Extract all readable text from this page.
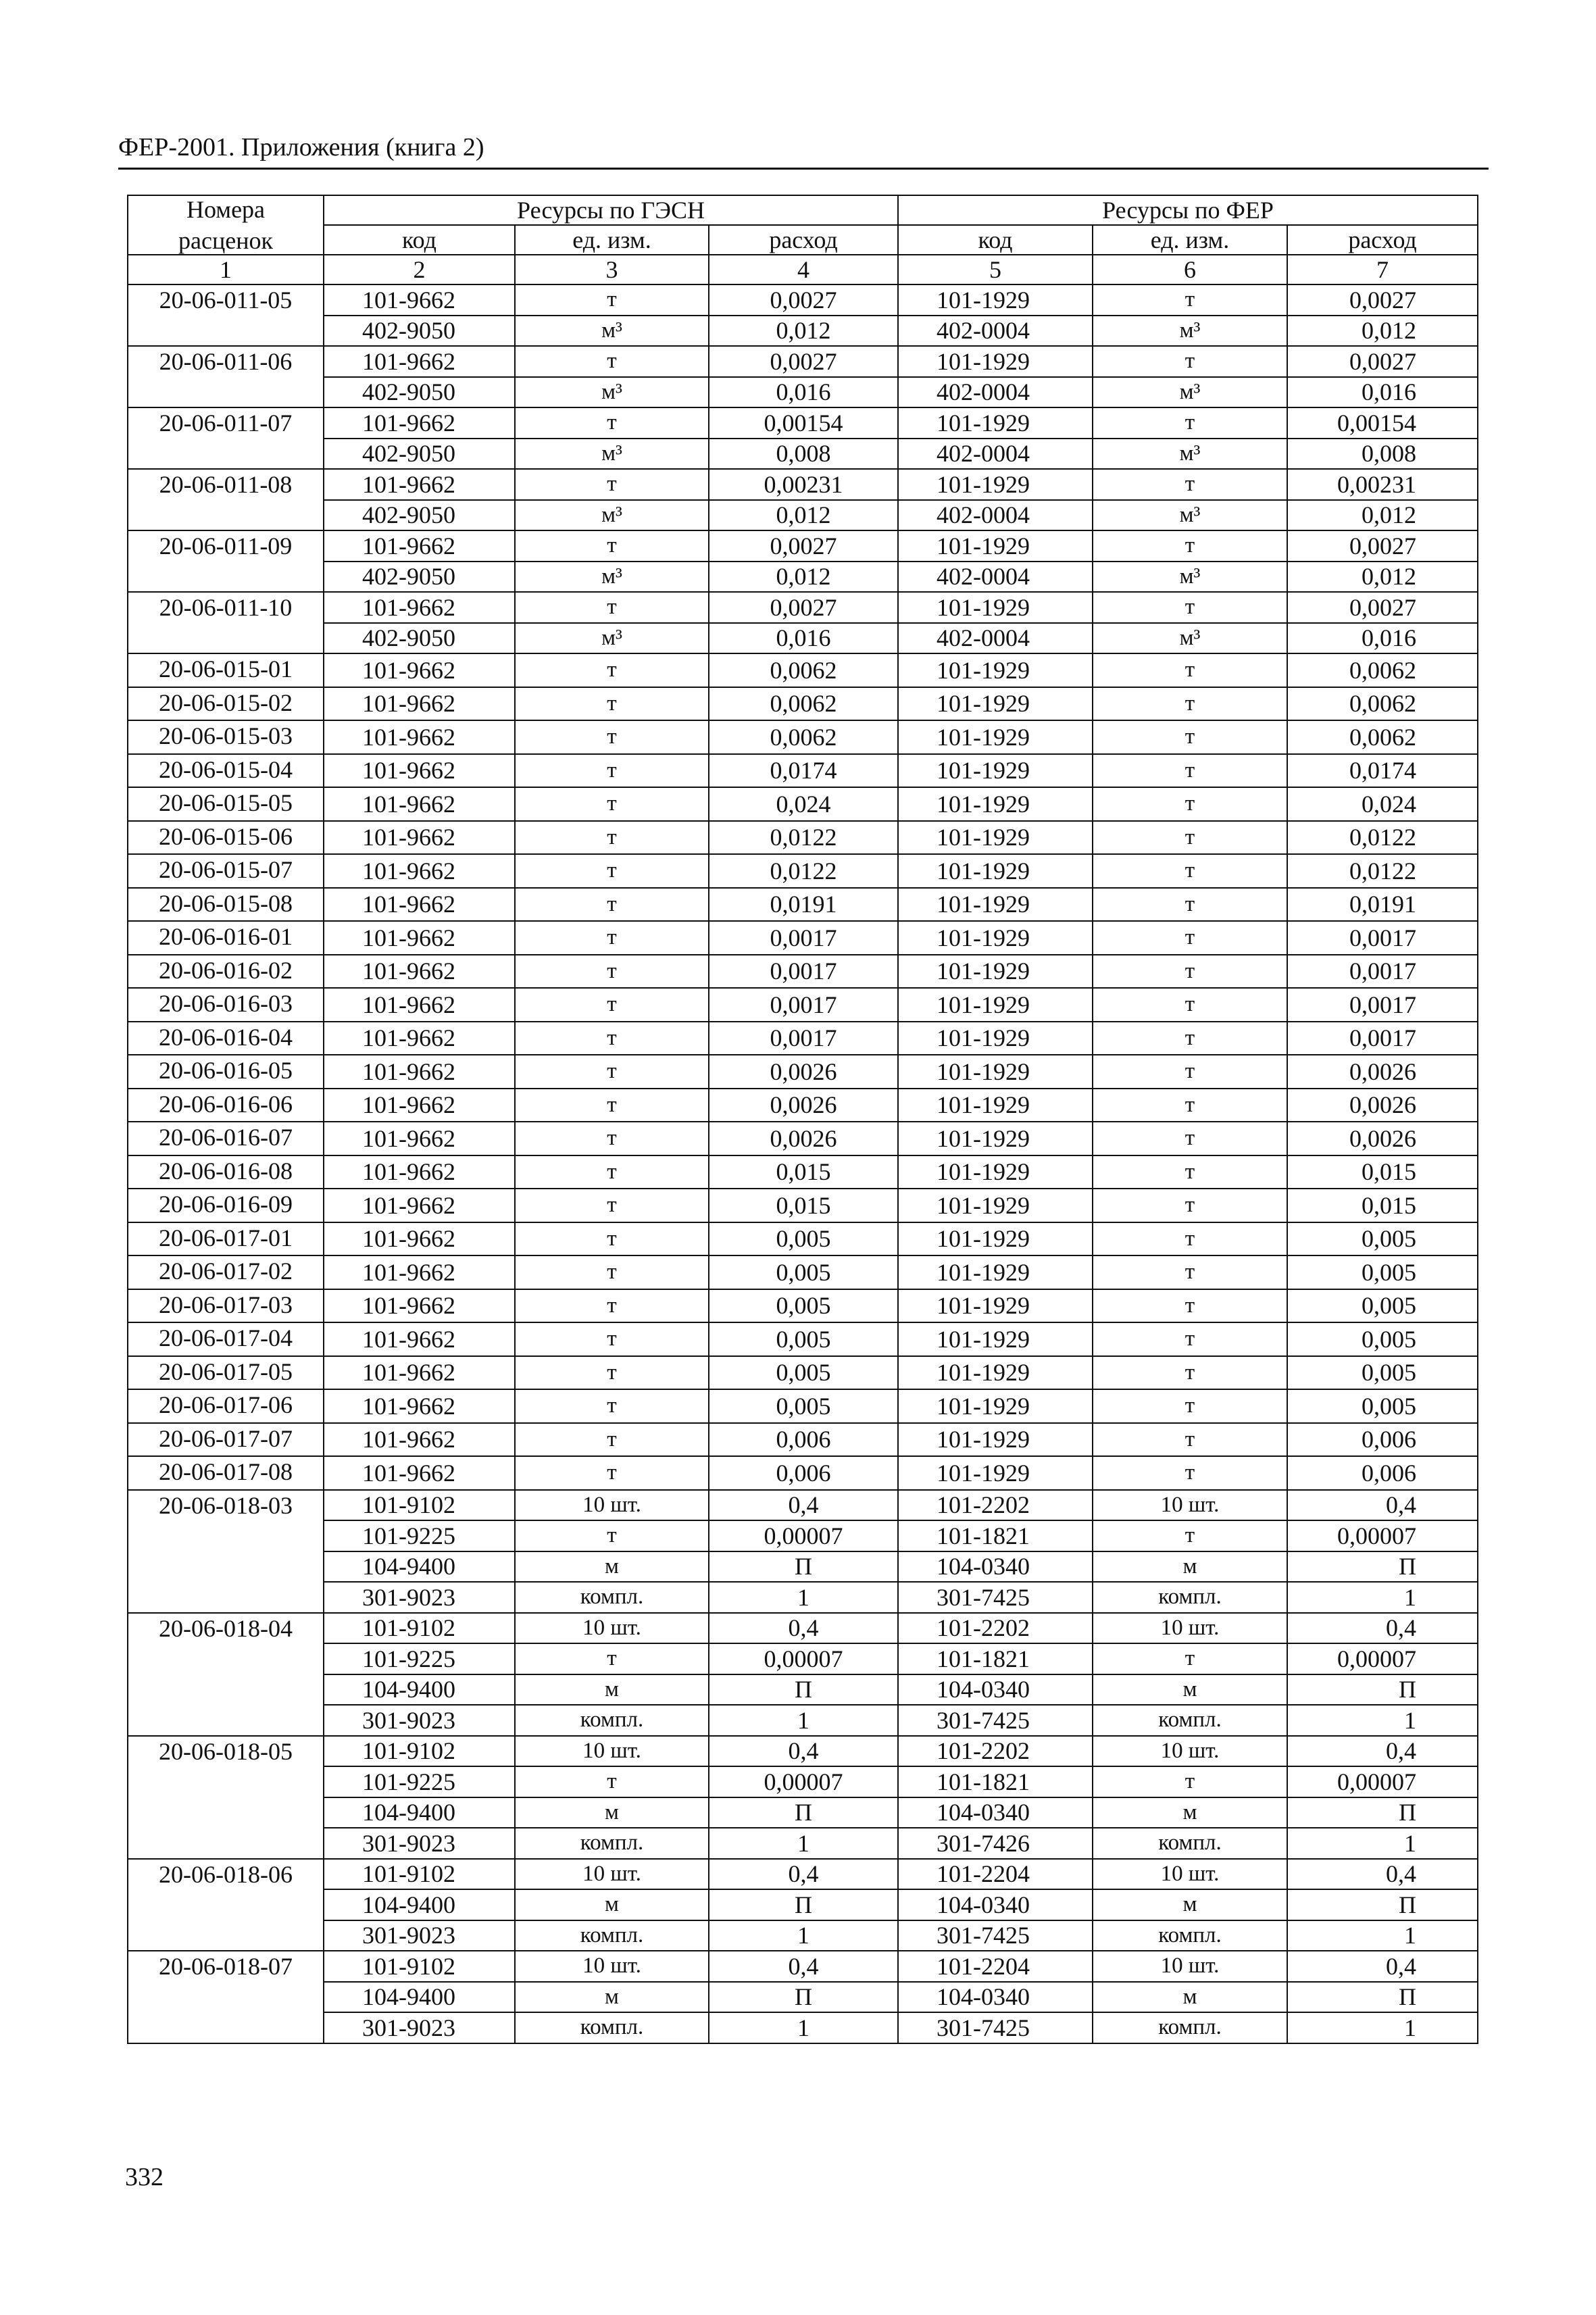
ФЕР-2001. Приложения (книга 2)
Номера
расценок	Ресурсы по ГЭСН			Ресурсы по ФЕР		
	код	ед. изм.	расход	код	ед. изм.	расход
1	2	3	4	5	6	7
20-06-011-05	101-9662	т	0,0027	101-1929	т	0,0027
	402-9050	м³	0,012	402-0004	м³	0,012
20-06-011-06	101-9662	т	0,0027	101-1929	т	0,0027
	402-9050	м³	0,016	402-0004	м³	0,016
20-06-011-07	101-9662	т	0,00154	101-1929	т	0,00154
	402-9050	м³	0,008	402-0004	м³	0,008
20-06-011-08	101-9662	т	0,00231	101-1929	т	0,00231
	402-9050	м³	0,012	402-0004	м³	0,012
20-06-011-09	101-9662	т	0,0027	101-1929	т	0,0027
	402-9050	м³	0,012	402-0004	м³	0,012
20-06-011-10	101-9662	т	0,0027	101-1929	т	0,0027
	402-9050	м³	0,016	402-0004	м³	0,016
20-06-015-01	101-9662	т	0,0062	101-1929	т	0,0062
20-06-015-02	101-9662	т	0,0062	101-1929	т	0,0062
20-06-015-03	101-9662	т	0,0062	101-1929	т	0,0062
20-06-015-04	101-9662	т	0,0174	101-1929	т	0,0174
20-06-015-05	101-9662	т	0,024	101-1929	т	0,024
20-06-015-06	101-9662	т	0,0122	101-1929	т	0,0122
20-06-015-07	101-9662	т	0,0122	101-1929	т	0,0122
20-06-015-08	101-9662	т	0,0191	101-1929	т	0,0191
20-06-016-01	101-9662	т	0,0017	101-1929	т	0,0017
20-06-016-02	101-9662	т	0,0017	101-1929	т	0,0017
20-06-016-03	101-9662	т	0,0017	101-1929	т	0,0017
20-06-016-04	101-9662	т	0,0017	101-1929	т	0,0017
20-06-016-05	101-9662	т	0,0026	101-1929	т	0,0026
20-06-016-06	101-9662	т	0,0026	101-1929	т	0,0026
20-06-016-07	101-9662	т	0,0026	101-1929	т	0,0026
20-06-016-08	101-9662	т	0,015	101-1929	т	0,015
20-06-016-09	101-9662	т	0,015	101-1929	т	0,015
20-06-017-01	101-9662	т	0,005	101-1929	т	0,005
20-06-017-02	101-9662	т	0,005	101-1929	т	0,005
20-06-017-03	101-9662	т	0,005	101-1929	т	0,005
20-06-017-04	101-9662	т	0,005	101-1929	т	0,005
20-06-017-05	101-9662	т	0,005	101-1929	т	0,005
20-06-017-06	101-9662	т	0,005	101-1929	т	0,005
20-06-017-07	101-9662	т	0,006	101-1929	т	0,006
20-06-017-08	101-9662	т	0,006	101-1929	т	0,006
20-06-018-03	101-9102	10 шт.	0,4	101-2202	10 шт.	0,4
	101-9225	т	0,00007	101-1821	т	0,00007
	104-9400	м	П	104-0340	м	П
	301-9023	компл.	1	301-7425	компл.	1
20-06-018-04	101-9102	10 шт.	0,4	101-2202	10 шт.	0,4
	101-9225	т	0,00007	101-1821	т	0,00007
	104-9400	м	П	104-0340	м	П
	301-9023	компл.	1	301-7425	компл.	1
20-06-018-05	101-9102	10 шт.	0,4	101-2202	10 шт.	0,4
	101-9225	т	0,00007	101-1821	т	0,00007
	104-9400	м	П	104-0340	м	П
	301-9023	компл.	1	301-7426	компл.	1
20-06-018-06	101-9102	10 шт.	0,4	101-2204	10 шт.	0,4
	104-9400	м	П	104-0340	м	П
	301-9023	компл.	1	301-7425	компл.	1
20-06-018-07	101-9102	10 шт.	0,4	101-2204	10 шт.	0,4
	104-9400	м	П	104-0340	м	П
	301-9023	компл.	1	301-7425	компл.	1
332
